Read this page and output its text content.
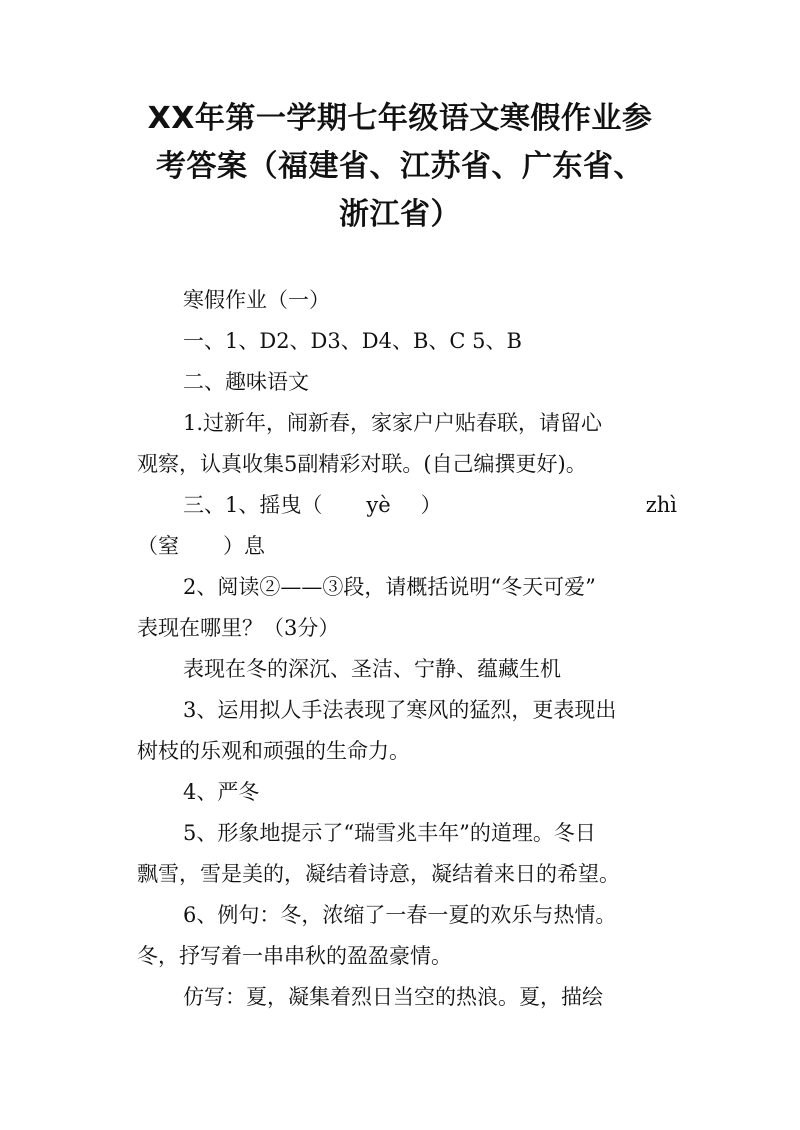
XX年第一学期七年级语文寒假作业参
考答案（福建省、江苏省、广东省、
浙江省）
寒假作业（一）
一、1、D2、D3、D4、B、C 5、B
二、趣味语文
1.过新年，闹新春，家家户户贴春联，请留心
观察，认真收集5副精彩对联。(自己编撰更好)。
三、1、摇曳（ yè ）	zhì
（窒 ）息
2、阅读②——③段，请概括说明“冬天可爱”
表现在哪里？（3分）
表现在冬的深沉、圣洁、宁静、蕴藏生机
3、运用拟人手法表现了寒风的猛烈，更表现出
树枝的乐观和顽强的生命力。
4、严冬
5、形象地提示了“瑞雪兆丰年”的道理。冬日
飘雪，雪是美的，凝结着诗意，凝结着来日的希望。
6、例句：冬，浓缩了一春一夏的欢乐与热情。
冬，抒写着一串串秋的盈盈豪情。
仿写：夏，凝集着烈日当空的热浪。夏，描绘
